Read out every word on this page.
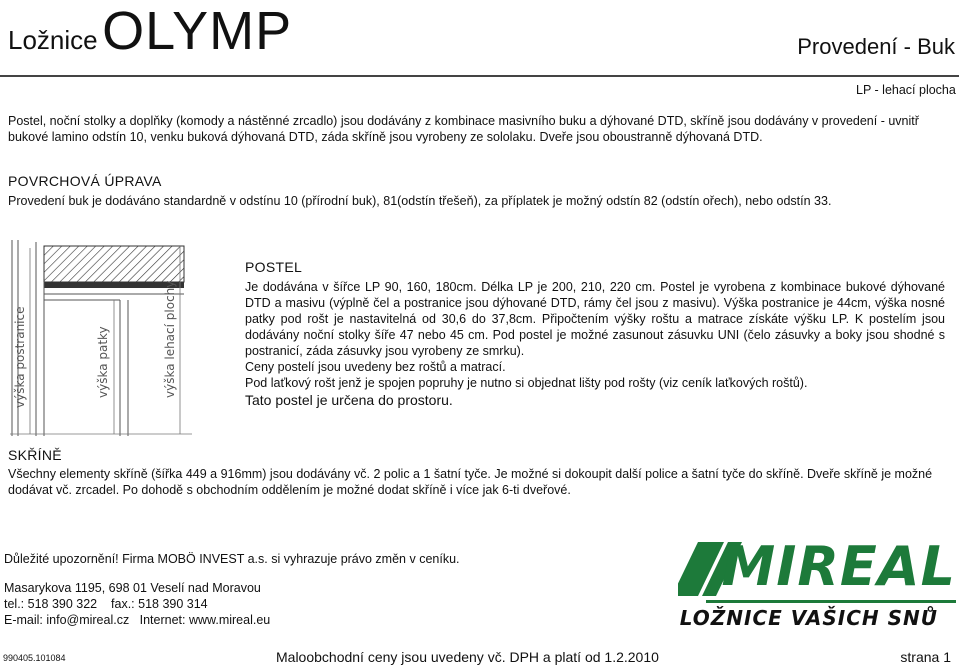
Ložnice OLYMP	Provedení - Buk
LP - lehací plocha
Postel, noční stolky a doplňky (komody a nástěnné zrcadlo) jsou dodávány z kombinace masivního buku a dýhované DTD, skříně jsou dodávány v provedení - uvnitř bukové lamino odstín 10, venku buková dýhovaná DTD, záda skříně jsou vyrobeny ze sololaku. Dveře jsou oboustranně dýhovaná DTD.
POVRCHOVÁ ÚPRAVA
Provedení buk je dodáváno standardně v odstínu 10 (přírodní buk), 81(odstín třešeň), za příplatek je možný odstín 82 (odstín ořech), nebo odstín 33.
výška postranice	výška patky	výška lehací plochy
POSTEL
Je dodávána v šířce LP 90, 160, 180cm. Délka LP je 200, 210, 220 cm. Postel je vyrobena z kombinace bukové dýhované DTD a masivu (výplně čel a postranice jsou dýhované DTD, rámy čel jsou z masivu). Výška postranice je 44cm, výška nosné patky pod rošt je nastavitelná od 30,6 do 37,8cm. Připočtením výšky roštu a matrace získáte výšku LP. K postelím jsou dodávány noční stolky šíře 47 nebo 45 cm. Pod postel je možné zasunout zásuvku UNI (čelo zásuvky a boky jsou shodné s postranicí, záda zásuvky jsou vyrobeny ze smrku).
Ceny postelí jsou uvedeny bez roštů a matrací.
Pod laťkový rošt jenž je spojen popruhy je nutno si objednat lišty pod rošty (viz ceník laťkových roštů).
Tato postel je určena do prostoru.
SKŘÍNĚ
Všechny elementy skříně (šířka 449 a 916mm) jsou dodávány vč. 2 polic a 1 šatní tyče. Je možné si dokoupit další police a šatní tyče do skříně. Dveře skříně je možné dodávat vč. zrcadel. Po dohodě s obchodním oddělením je možné dodat skříně i více jak 6-ti dveřové.
Důležité upozornění! Firma MOBÖ INVEST a.s. si vyhrazuje právo změn v ceníku.
Masarykova 1195, 698 01 Veselí nad Moravou
tel.: 518 390 322    fax.: 518 390 314
E-mail: info@mireal.cz   Internet: www.mireal.eu
MIREAL
LOŽNICE VAŠICH SNŮ
990405.101084	Maloobchodní ceny jsou uvedeny vč. DPH a platí od 1.2.2010	strana 1
